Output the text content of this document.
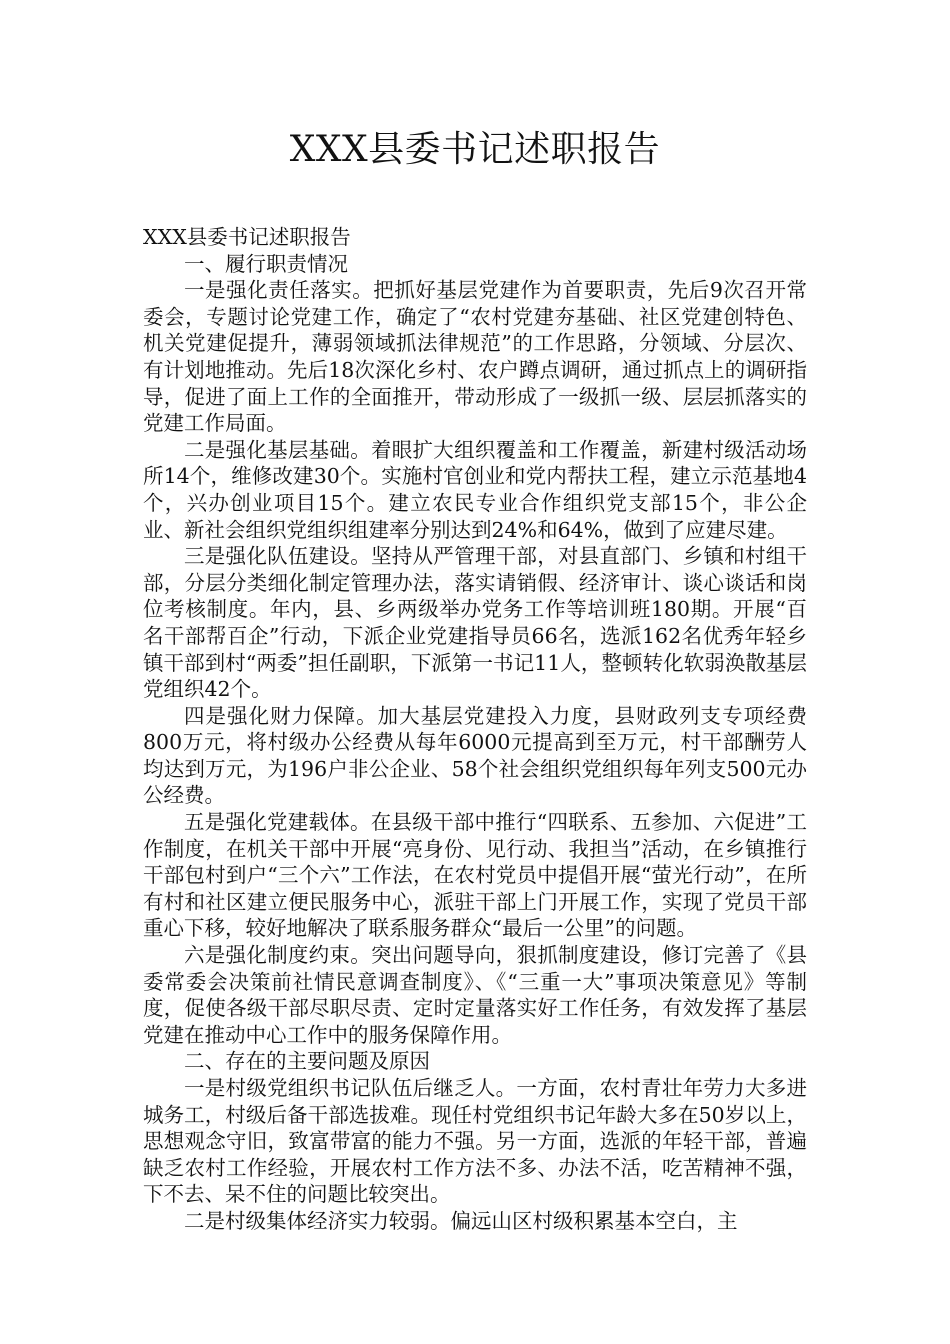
XXX县委书记述职报告

XXX县委书记述职报告

一、履行职责情况

一是强化责任落实。把抓好基层党建作为首要职责，先后9次召开常委会，专题讨论党建工作，确定了“农村党建夯基础、社区党建创特色、机关党建促提升，薄弱领域抓法律规范”的工作思路，分领域、分层次、有计划地推动。先后18次深化乡村、农户蹲点调研，通过抓点上的调研指导，促进了面上工作的全面推开，带动形成了一级抓一级、层层抓落实的党建工作局面。

二是强化基层基础。着眼扩大组织覆盖和工作覆盖，新建村级活动场所14个，维修改建30个。实施村官创业和党内帮扶工程，建立示范基地4个，兴办创业项目15个。建立农民专业合作组织党支部15个，非公企业、新社会组织党组织组建率分别达到24%和64%，做到了应建尽建。

三是强化队伍建设。坚持从严管理干部，对县直部门、乡镇和村组干部，分层分类细化制定管理办法，落实请销假、经济审计、谈心谈话和岗位考核制度。年内，县、乡两级举办党务工作等培训班180期。开展“百名干部帮百企”行动，下派企业党建指导员66名，选派162名优秀年轻乡镇干部到村“两委”担任副职，下派第一书记11人，整顿转化软弱涣散基层党组织42个。

四是强化财力保障。加大基层党建投入力度，县财政列支专项经费800万元，将村级办公经费从每年6000元提高到至万元，村干部酬劳人均达到万元，为196户非公企业、58个社会组织党组织每年列支500元办公经费。

五是强化党建载体。在县级干部中推行“四联系、五参加、六促进”工作制度，在机关干部中开展“亮身份、见行动、我担当”活动，在乡镇推行干部包村到户“三个六”工作法，在农村党员中提倡开展“萤光行动”，在所有村和社区建立便民服务中心，派驻干部上门开展工作，实现了党员干部重心下移，较好地解决了联系服务群众“最后一公里”的问题。

六是强化制度约束。突出问题导向，狠抓制度建设，修订完善了《县委常委会决策前社情民意调查制度》、《“三重一大”事项决策意见》等制度，促使各级干部尽职尽责、定时定量落实好工作任务，有效发挥了基层党建在推动中心工作中的服务保障作用。

二、存在的主要问题及原因

一是村级党组织书记队伍后继乏人。一方面，农村青壮年劳力大多进城务工，村级后备干部选拔难。现任村党组织书记年龄大多在50岁以上，思想观念守旧，致富带富的能力不强。另一方面，选派的年轻干部，普遍缺乏农村工作经验，开展农村工作方法不多、办法不活，吃苦精神不强，下不去、呆不住的问题比较突出。

二是村级集体经济实力较弱。偏远山区村级积累基本空白，主
